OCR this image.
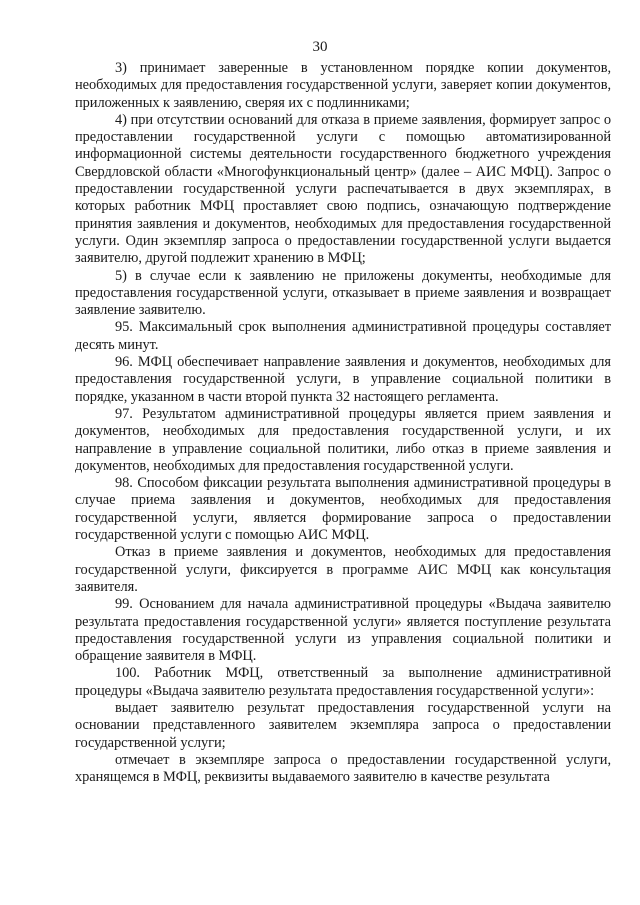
30

3) принимает заверенные в установленном порядке копии документов, необходимых для предоставления государственной услуги, заверяет копии документов, приложенных к заявлению, сверяя их с подлинниками;

4) при отсутствии оснований для отказа в приеме заявления, формирует запрос о предоставлении государственной услуги с помощью автоматизированной информационной системы деятельности государственного бюджетного учреждения Свердловской области «Многофункциональный центр» (далее – АИС МФЦ). Запрос о предоставлении государственной услуги распечатывается в двух экземплярах, в которых работник МФЦ проставляет свою подпись, означающую подтверждение принятия заявления и документов, необходимых для предоставления государственной услуги. Один экземпляр запроса о предоставлении государственной услуги выдается заявителю, другой подлежит хранению в МФЦ;

5) в случае если к заявлению не приложены документы, необходимые для предоставления государственной услуги, отказывает в приеме заявления и возвращает заявление заявителю.

95. Максимальный срок выполнения административной процедуры составляет десять минут.

96. МФЦ обеспечивает направление заявления и документов, необходимых для предоставления государственной услуги, в управление социальной политики в порядке, указанном в части второй пункта 32 настоящего регламента.

97. Результатом административной процедуры является прием заявления и документов, необходимых для предоставления государственной услуги, и их направление в управление социальной политики, либо отказ в приеме заявления и документов, необходимых для предоставления государственной услуги.

98. Способом фиксации результата выполнения административной процедуры в случае приема заявления и документов, необходимых для предоставления государственной услуги, является формирование запроса о предоставлении государственной услуги с помощью АИС МФЦ.

Отказ в приеме заявления и документов, необходимых для предоставления государственной услуги, фиксируется в программе АИС МФЦ как консультация заявителя.

99. Основанием для начала административной процедуры «Выдача заявителю результата предоставления государственной услуги» является поступление результата предоставления государственной услуги из управления социальной политики и обращение заявителя в МФЦ.

100. Работник МФЦ, ответственный за выполнение административной процедуры «Выдача заявителю результата предоставления государственной услуги»:

выдает заявителю результат предоставления государственной услуги на основании представленного заявителем экземпляра запроса о предоставлении государственной услуги;

отмечает в экземпляре запроса о предоставлении государственной услуги, хранящемся в МФЦ, реквизиты выдаваемого заявителю в качестве результата
